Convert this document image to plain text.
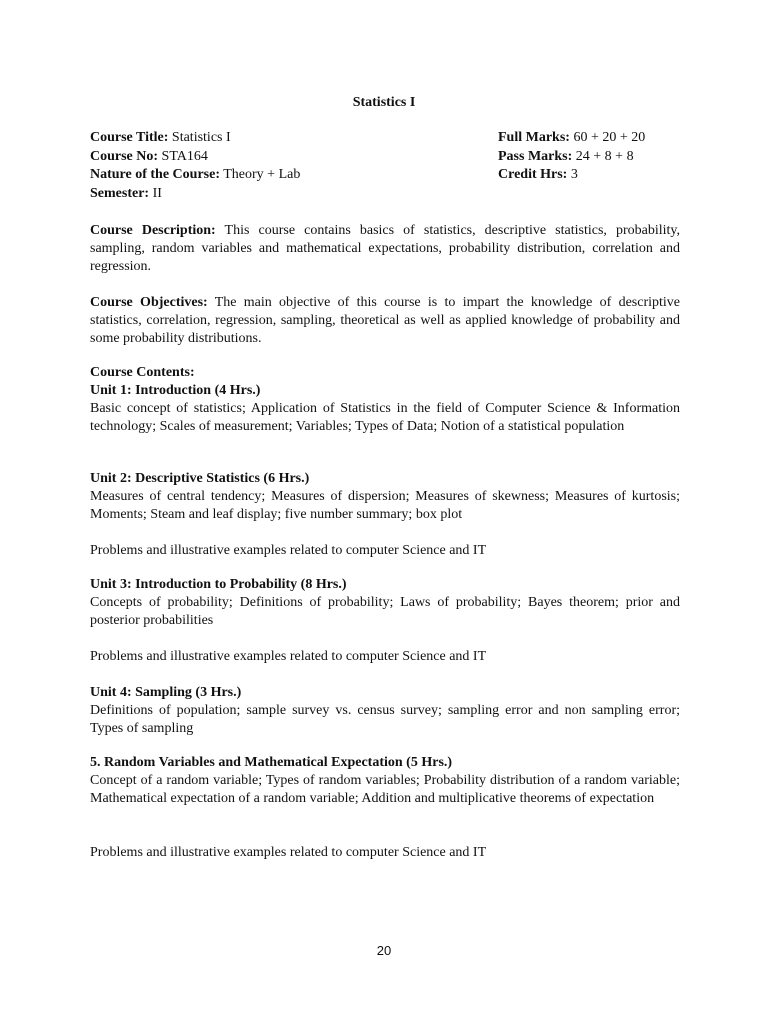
Statistics I
Course Title: Statistics I
Course No: STA164
Nature of the Course: Theory + Lab
Semester: II
Full Marks: 60 + 20 + 20
Pass Marks: 24 + 8 + 8
Credit Hrs: 3
Course Description: This course contains basics of statistics, descriptive statistics, probability, sampling, random variables and mathematical expectations, probability distribution, correlation and regression.
Course Objectives: The main objective of this course is to impart the knowledge of descriptive statistics, correlation, regression, sampling, theoretical as well as applied knowledge of probability and some probability distributions.
Course Contents:
Unit 1: Introduction (4 Hrs.)
Basic concept of statistics; Application of Statistics in the field of Computer Science & Information technology; Scales of measurement; Variables; Types of Data; Notion of a statistical population
Unit 2: Descriptive Statistics (6 Hrs.)
Measures of central tendency; Measures of dispersion; Measures of skewness; Measures of kurtosis; Moments; Steam and leaf display; five number summary; box plot
Problems and illustrative examples related to computer Science and IT
Unit 3: Introduction to Probability (8 Hrs.)
Concepts of probability; Definitions of probability; Laws of probability; Bayes theorem; prior and posterior probabilities
Problems and illustrative examples related to computer Science and IT
Unit 4: Sampling (3 Hrs.)
Definitions of population; sample survey vs. census survey; sampling error and non sampling error; Types of sampling
5. Random Variables and Mathematical Expectation (5 Hrs.)
Concept of a random variable; Types of random variables; Probability distribution of a random variable; Mathematical expectation of a random variable; Addition and multiplicative theorems of expectation
Problems and illustrative examples related to computer Science and IT
20
